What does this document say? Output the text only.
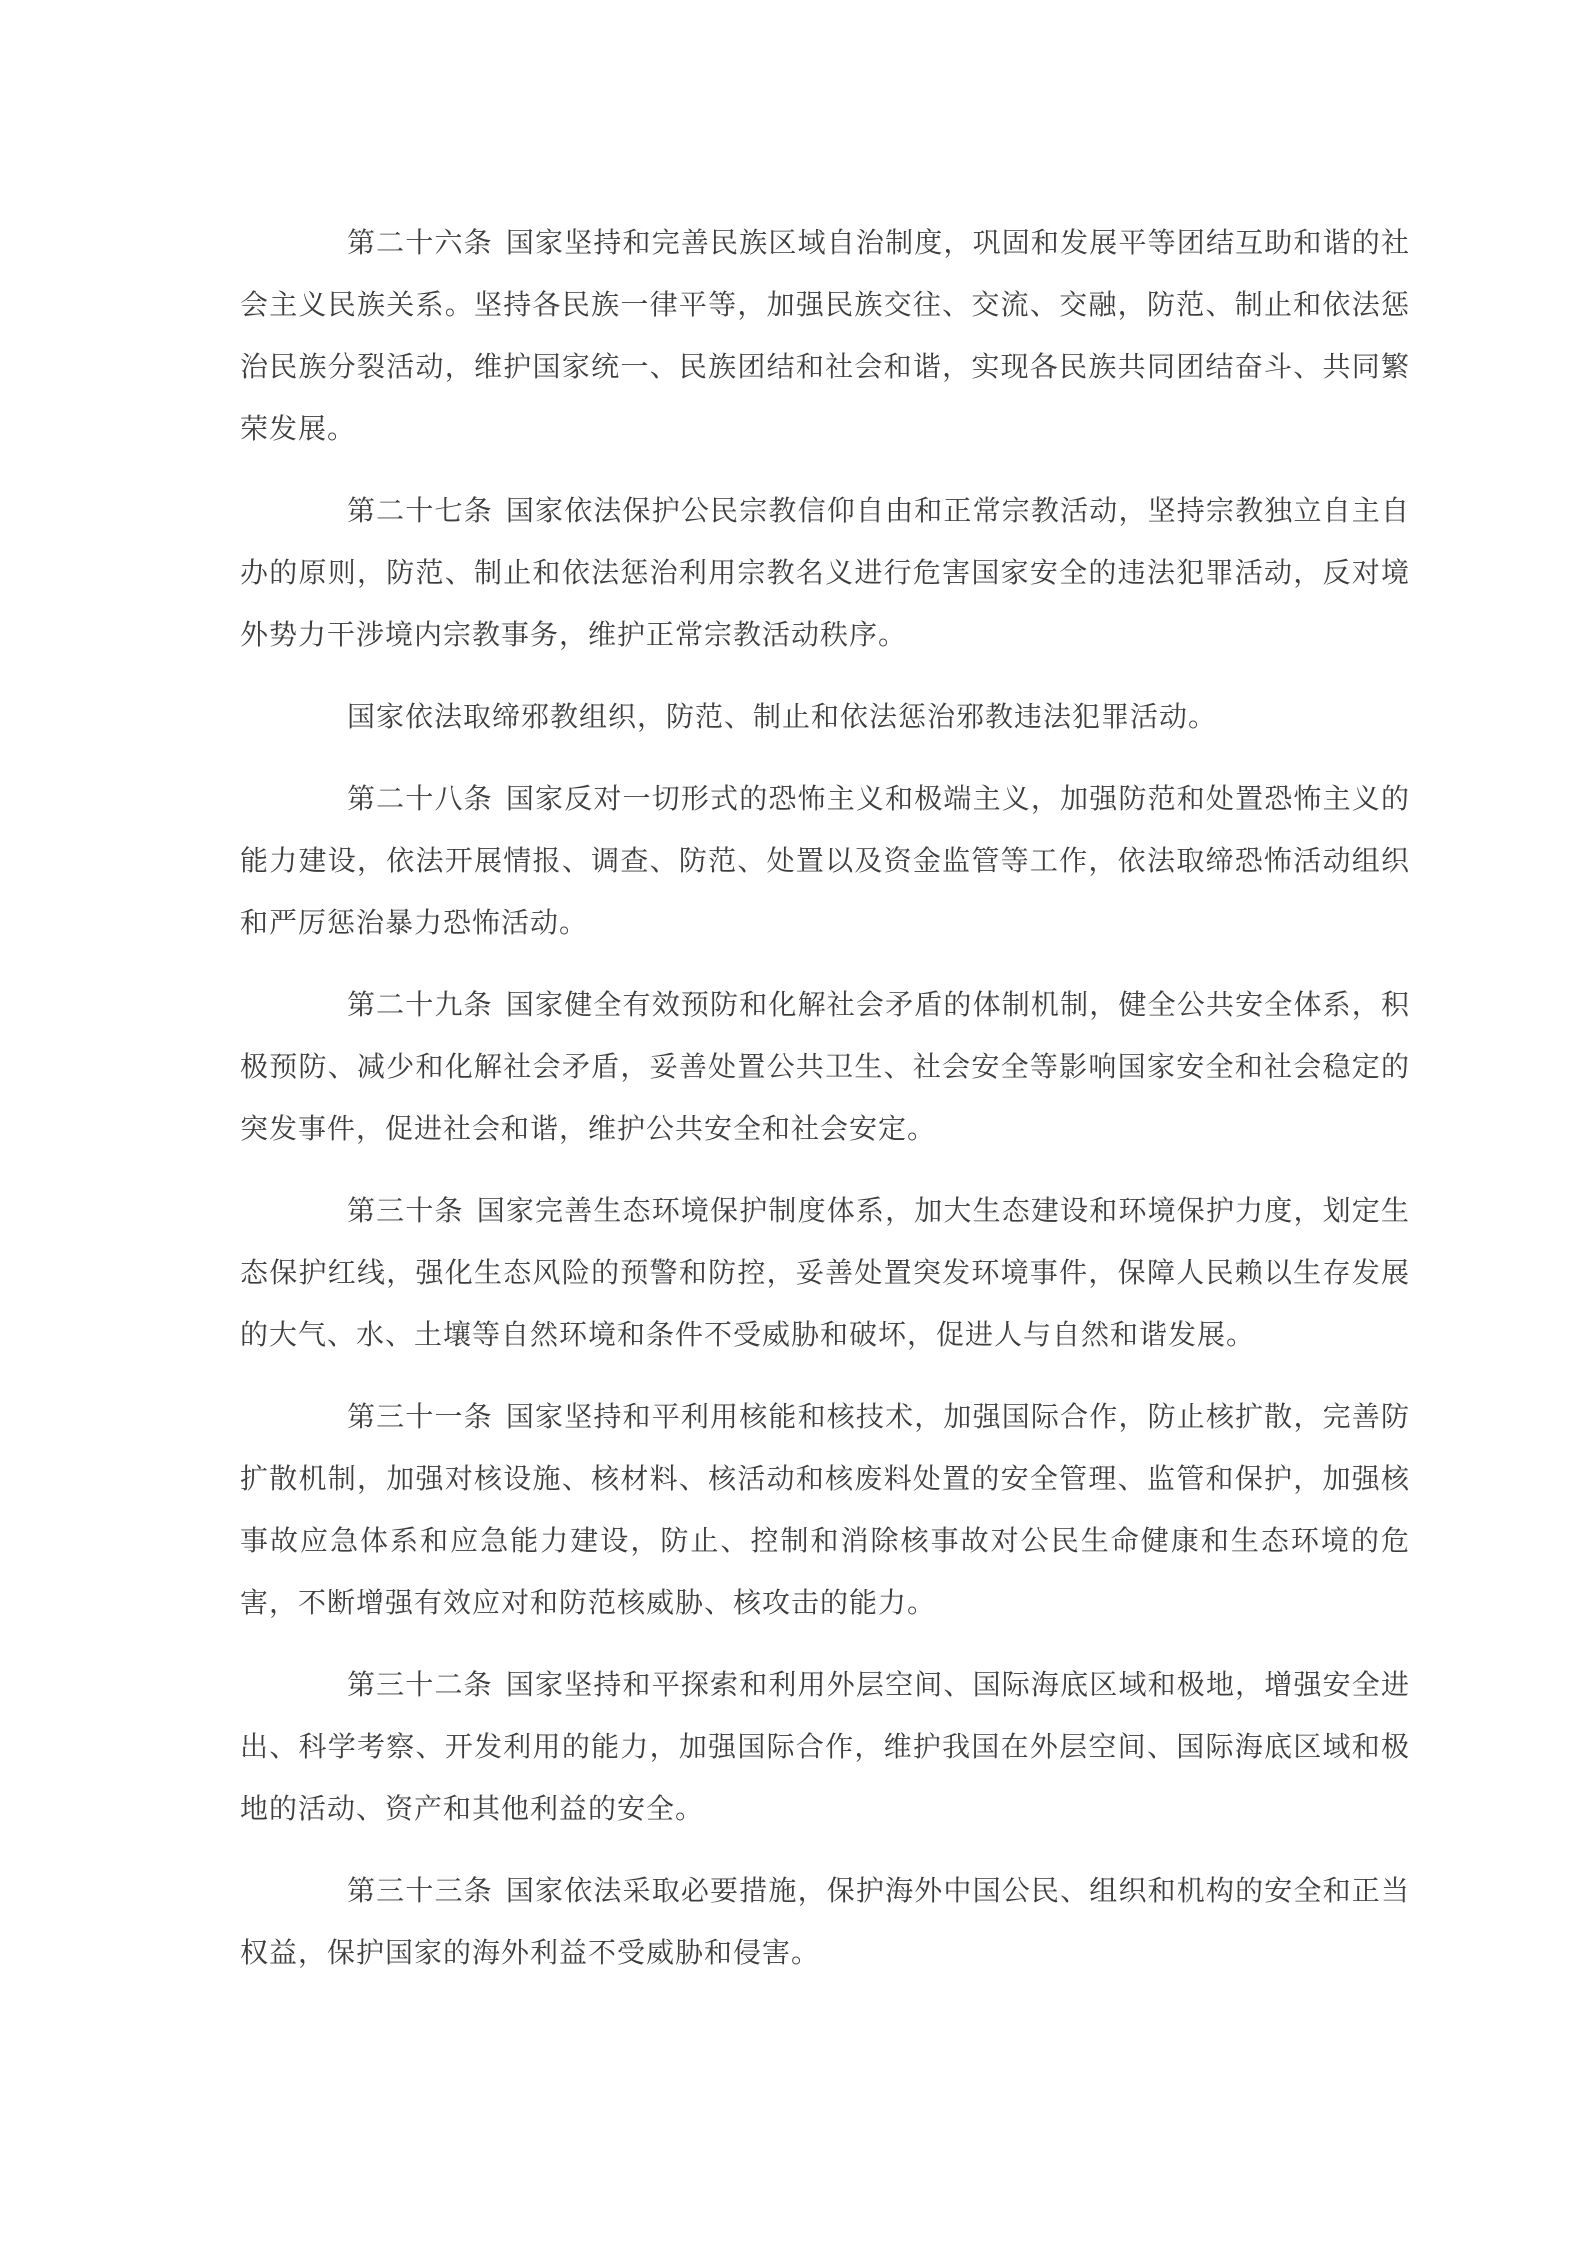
第二十六条 国家坚持和完善民族区域自治制度，巩固和发展平等团结互助和谐的社会主义民族关系。坚持各民族一律平等，加强民族交往、交流、交融，防范、制止和依法惩治民族分裂活动，维护国家统一、民族团结和社会和谐，实现各民族共同团结奋斗、共同繁荣发展。

第二十七条 国家依法保护公民宗教信仰自由和正常宗教活动，坚持宗教独立自主自办的原则，防范、制止和依法惩治利用宗教名义进行危害国家安全的违法犯罪活动，反对境外势力干涉境内宗教事务，维护正常宗教活动秩序。

国家依法取缔邪教组织，防范、制止和依法惩治邪教违法犯罪活动。

第二十八条 国家反对一切形式的恐怖主义和极端主义，加强防范和处置恐怖主义的能力建设，依法开展情报、调查、防范、处置以及资金监管等工作，依法取缔恐怖活动组织和严厉惩治暴力恐怖活动。

第二十九条 国家健全有效预防和化解社会矛盾的体制机制，健全公共安全体系，积极预防、减少和化解社会矛盾，妥善处置公共卫生、社会安全等影响国家安全和社会稳定的突发事件，促进社会和谐，维护公共安全和社会安定。

第三十条 国家完善生态环境保护制度体系，加大生态建设和环境保护力度，划定生态保护红线，强化生态风险的预警和防控，妥善处置突发环境事件，保障人民赖以生存发展的大气、水、土壤等自然环境和条件不受威胁和破坏，促进人与自然和谐发展。

第三十一条 国家坚持和平利用核能和核技术，加强国际合作，防止核扩散，完善防扩散机制，加强对核设施、核材料、核活动和核废料处置的安全管理、监管和保护，加强核事故应急体系和应急能力建设，防止、控制和消除核事故对公民生命健康和生态环境的危害，不断增强有效应对和防范核威胁、核攻击的能力。

第三十二条 国家坚持和平探索和利用外层空间、国际海底区域和极地，增强安全进出、科学考察、开发利用的能力，加强国际合作，维护我国在外层空间、国际海底区域和极地的活动、资产和其他利益的安全。

第三十三条 国家依法采取必要措施，保护海外中国公民、组织和机构的安全和正当权益，保护国家的海外利益不受威胁和侵害。
